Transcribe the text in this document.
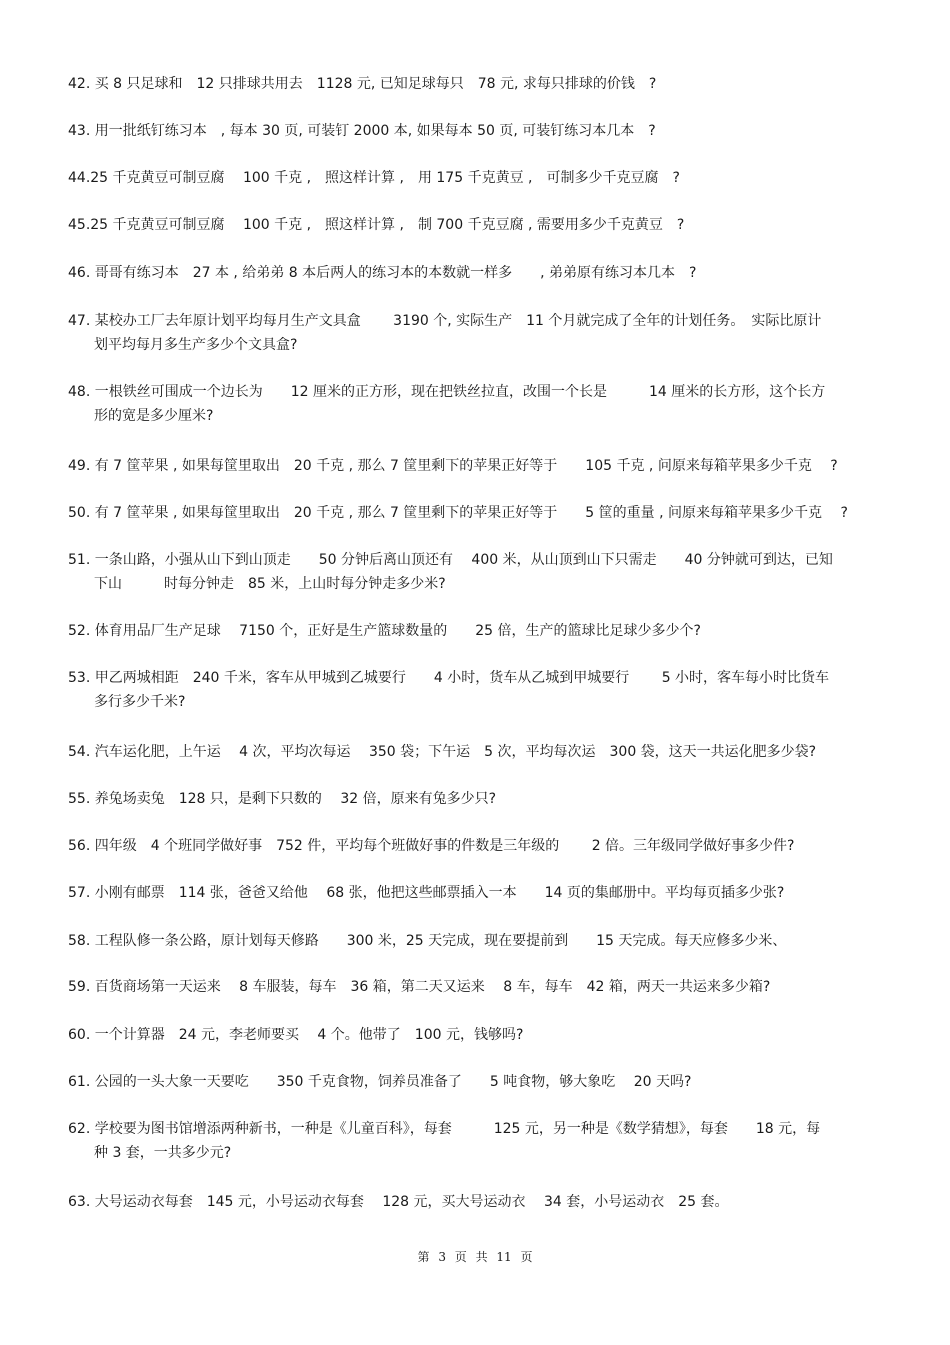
42. 买 8 只足球和　12 只排球共用去　1128 元, 已知足球每只　78 元, 求每只排球的价钱　?
43. 用一批纸钉练习本　, 每本 30 页, 可装钉 2000 本, 如果每本 50 页, 可装钉练习本几本　?
44.25 千克黄豆可制豆腐　 100 千克 ,　照这样计算 ,　用 175 千克黄豆 ,　可制多少千克豆腐　?
45.25 千克黄豆可制豆腐　 100 千克 ,　照这样计算 ,　制 700 千克豆腐 , 需要用多少千克黄豆　?
46. 哥哥有练习本　27 本 , 给弟弟 8 本后两人的练习本的本数就一样多　　, 弟弟原有练习本几本　?
47. 某校办工厂去年原计划平均每月生产文具盒　　 3190 个, 实际生产　11 个月就完成了全年的计划任务。　实际比原计
划平均每月多生产多少个文具盒?
48. 一根铁丝可围成一个边长为　　12 厘米的正方形，现在把铁丝拉直，改围一个长是　　　14 厘米的长方形，这个长方
形的宽是多少厘米?
49. 有 7 筐苹果 , 如果每筐里取出　20 千克 , 那么 7 筐里剩下的苹果正好等于　　105 千克 , 问原来每箱苹果多少千克　 ?
50. 有 7 筐苹果 , 如果每筐里取出　20 千克 , 那么 7 筐里剩下的苹果正好等于　　5 筐的重量 , 问原来每箱苹果多少千克　 ?
51. 一条山路，小强从山下到山顶走　　50 分钟后离山顶还有　 400 米，从山顶到山下只需走　　40 分钟就可到达，已知
下山　　　时每分钟走　85 米，上山时每分钟走多少米?
52. 体育用品厂生产足球　 7150 个，正好是生产篮球数量的　　25 倍，生产的篮球比足球少多少个?
53. 甲乙两城相距　240 千米，客车从甲城到乙城要行　　4 小时，货车从乙城到甲城要行　　 5 小时，客车每小时比货车
多行多少千米?
54. 汽车运化肥，上午运　 4 次，平均次每运　 350 袋；下午运　5 次，平均每次运　300 袋，这天一共运化肥多少袋?
55. 养兔场卖兔　128 只，是剩下只数的　 32 倍，原来有兔多少只?
56. 四年级　4 个班同学做好事　752 件，平均每个班做好事的件数是三年级的　　 2 倍。三年级同学做好事多少件?
57. 小刚有邮票　114 张，爸爸又给他　 68 张，他把这些邮票插入一本　　14 页的集邮册中。平均每页插多少张?
58. 工程队修一条公路，原计划每天修路　　300 米，25 天完成，现在要提前到　　15 天完成。每天应修多少米、
59. 百货商场第一天运来　 8 车服装，每车　36 箱，第二天又运来　 8 车，每车　42 箱，两天一共运来多少箱?
60. 一个计算器　24 元，李老师要买　 4 个。他带了　100 元，钱够吗?
61. 公园的一头大象一天要吃　　350 千克食物，饲养员准备了　　5 吨食物，够大象吃　 20 天吗?
62. 学校要为图书馆增添两种新书，一种是《儿童百科》，每套　　　125 元，另一种是《数学猜想》，每套　　18 元，每
种 3 套，一共多少元?
63. 大号运动衣每套　145 元，小号运动衣每套　 128 元，买大号运动衣　 34 套，小号运动衣　25 套。
第 3 页 共 11 页
